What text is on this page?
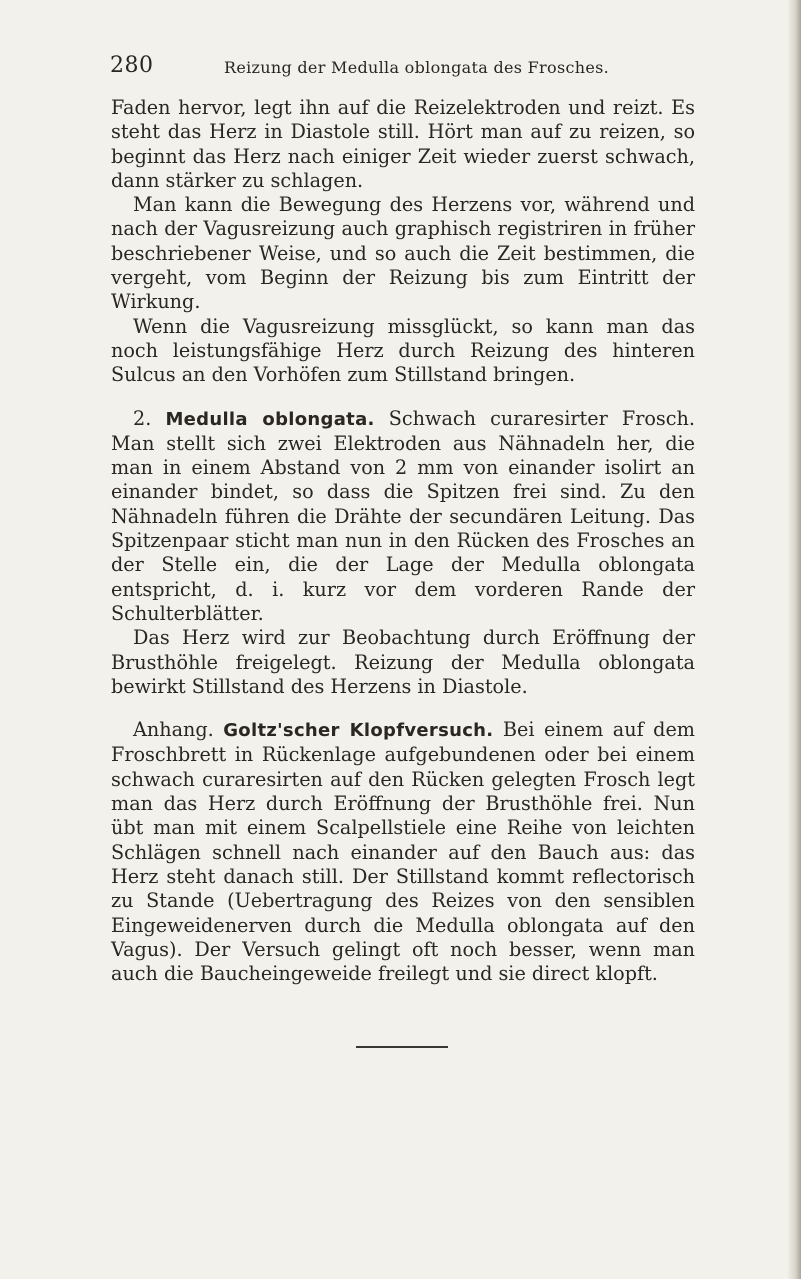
280	Reizung der Medulla oblongata des Frosches.

Faden hervor, legt ihn auf die Reizelektroden und reizt. Es steht das Herz in Diastole still. Hört man auf zu reizen, so beginnt das Herz nach einiger Zeit wieder zuerst schwach, dann stärker zu schlagen.

Man kann die Bewegung des Herzens vor, während und nach der Vagusreizung auch graphisch registriren in früher beschriebener Weise, und so auch die Zeit bestimmen, die vergeht, vom Beginn der Reizung bis zum Eintritt der Wirkung.

Wenn die Vagusreizung missglückt, so kann man das noch leistungsfähige Herz durch Reizung des hinteren Sulcus an den Vorhöfen zum Stillstand bringen.

2. Medulla oblongata. Schwach curaresirter Frosch. Man stellt sich zwei Elektroden aus Nähnadeln her, die man in einem Abstand von 2 mm von einander isolirt an einander bindet, so dass die Spitzen frei sind. Zu den Nähnadeln führen die Drähte der secundären Leitung. Das Spitzenpaar sticht man nun in den Rücken des Frosches an der Stelle ein, die der Lage der Medulla oblongata entspricht, d. i. kurz vor dem vorderen Rande der Schulterblätter.

Das Herz wird zur Beobachtung durch Eröffnung der Brusthöhle freigelegt. Reizung der Medulla oblongata bewirkt Stillstand des Herzens in Diastole.

Anhang. Goltz'scher Klopfversuch. Bei einem auf dem Froschbrett in Rückenlage aufgebundenen oder bei einem schwach curaresirten auf den Rücken gelegten Frosch legt man das Herz durch Eröffnung der Brusthöhle frei. Nun übt man mit einem Scalpellstiele eine Reihe von leichten Schlägen schnell nach einander auf den Bauch aus: das Herz steht danach still. Der Stillstand kommt reflectorisch zu Stande (Uebertragung des Reizes von den sensiblen Eingeweidenerven durch die Medulla oblongata auf den Vagus). Der Versuch gelingt oft noch besser, wenn man auch die Baucheingeweide freilegt und sie direct klopft.
